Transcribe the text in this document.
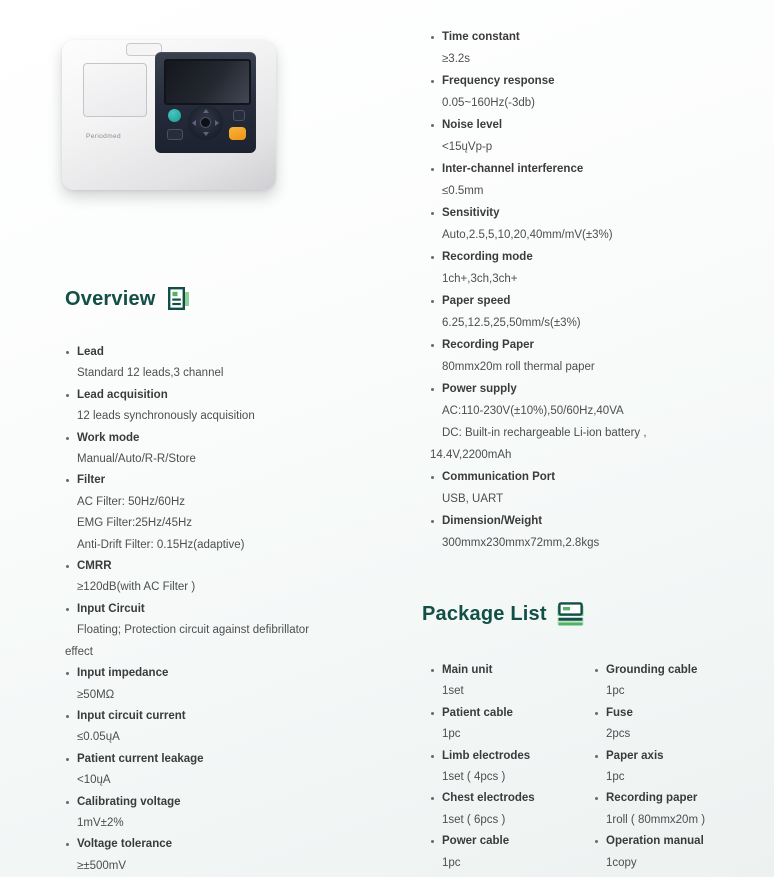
Periodmed
Time constant
≥3.2s
Frequency response
0.05~160Hz(-3db)
Noise level
<15ųVp-p
Inter-channel interference
≤0.5mm
Sensitivity
Auto,2.5,5,10,20,40mm/mV(±3%)
Recording mode
1ch+,3ch,3ch+
Paper speed
6.25,12.5,25,50mm/s(±3%)
Recording Paper
80mmx20m roll thermal paper
Power supply
AC:110-230V(±10%),50/60Hz,40VA
DC: Built-in rechargeable Li-ion battery ,
14.4V,2200mAh
Communication Port
USB, UART
Dimension/Weight
300mmx230mmx72mm,2.8kgs
Overview
Lead
Standard 12 leads,3 channel
Lead acquisition
12 leads synchronously acquisition
Work mode
Manual/Auto/R-R/Store
Filter
AC Filter: 50Hz/60Hz
EMG Filter:25Hz/45Hz
Anti-Drift Filter: 0.15Hz(adaptive)
CMRR
≥120dB(with AC Filter )
Input Circuit
Floating; Protection circuit against defibrillator
effect
Input impedance
≥50MΩ
Input circuit current
≤0.05ųA
Patient current leakage
<10ųA
Calibrating voltage
1mV±2%
Voltage tolerance
≥±500mV
Package List
Main unit
1set
Patient cable
1pc
Limb electrodes
1set ( 4pcs )
Chest electrodes
1set ( 6pcs )
Power cable
1pc
Grounding cable
1pc
Fuse
2pcs
Paper axis
1pc
Recording paper
1roll ( 80mmx20m )
Operation manual
1copy
